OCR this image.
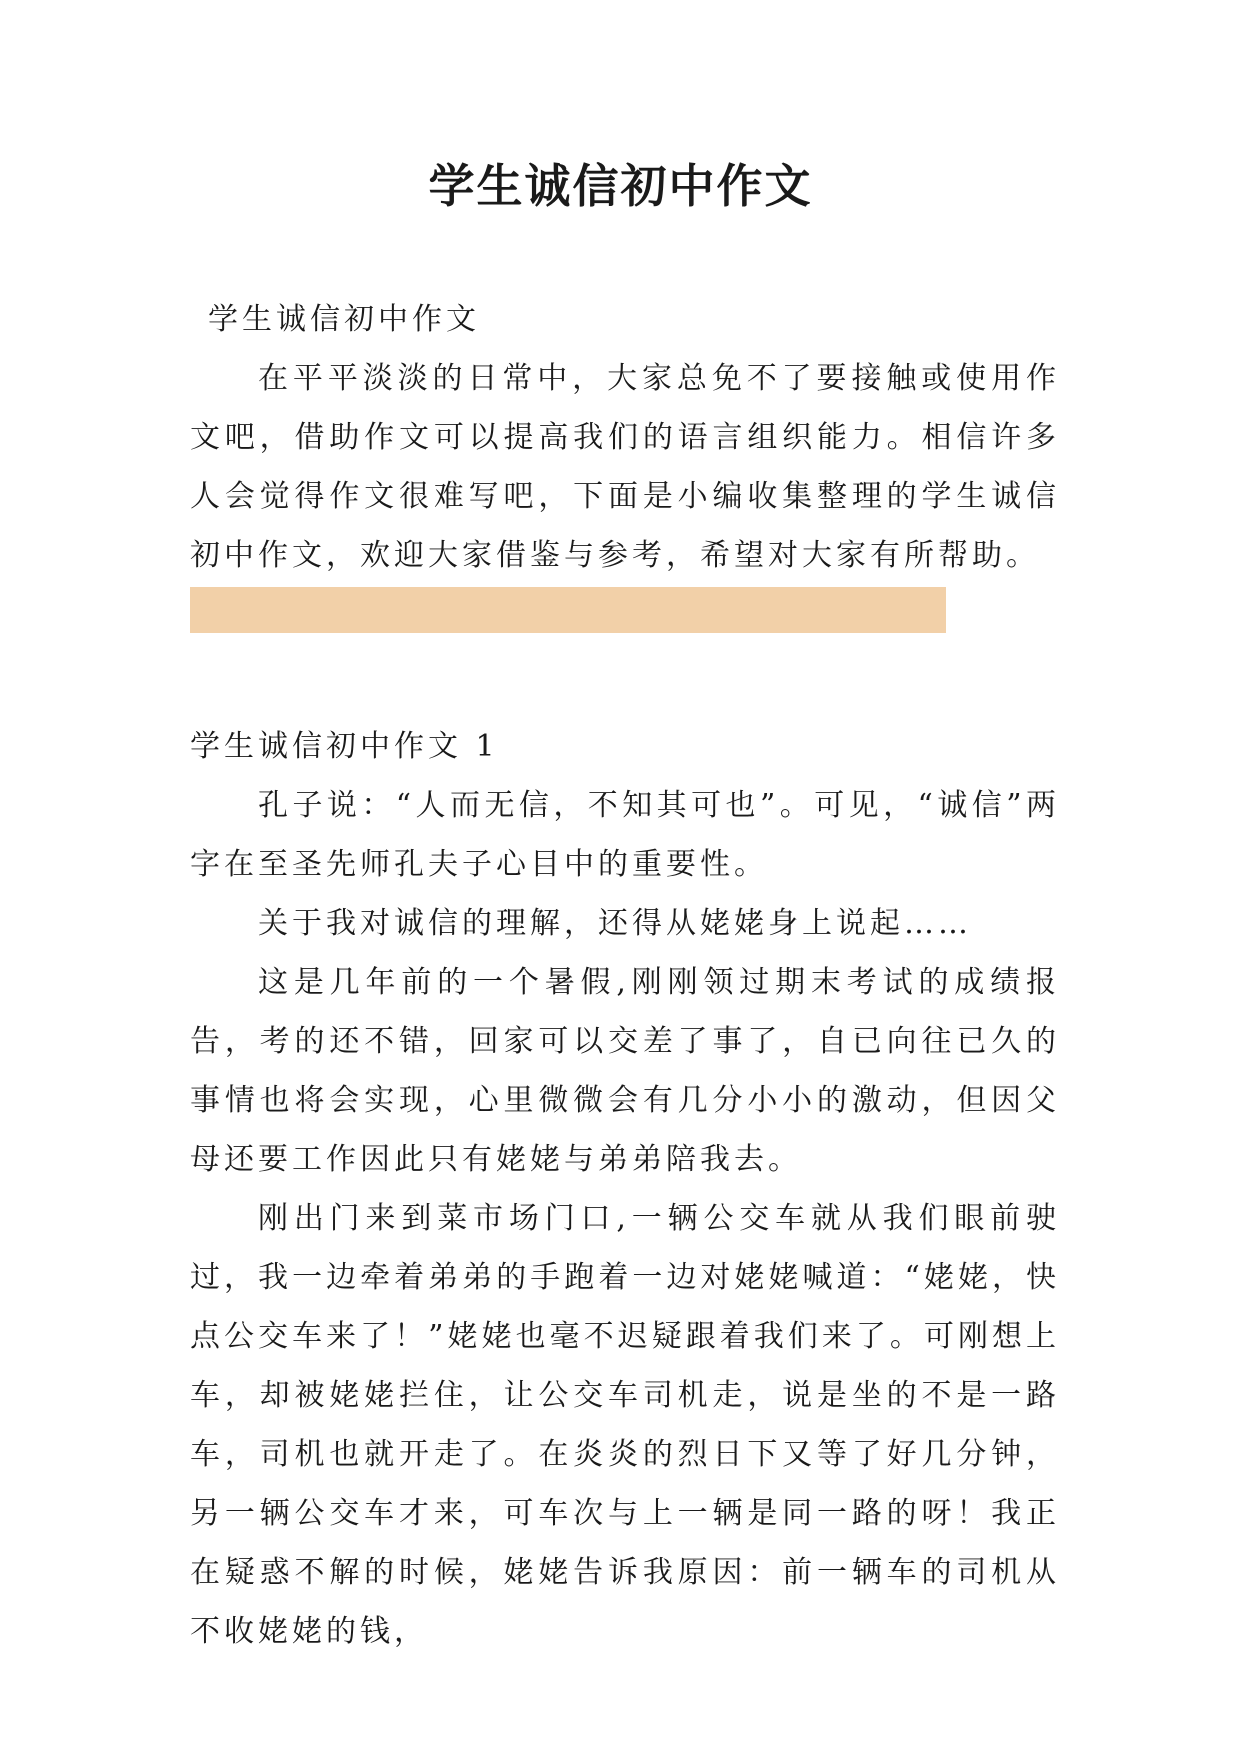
学生诚信初中作文

学生诚信初中作文

在平平淡淡的日常中，大家总免不了要接触或使用作文吧，借助作文可以提高我们的语言组织能力。相信许多人会觉得作文很难写吧，下面是小编收集整理的学生诚信初中作文，欢迎大家借鉴与参考，希望对大家有所帮助。

学生诚信初中作文 1

孔子说：“人而无信，不知其可也”。可见，“诚信”两字在至圣先师孔夫子心目中的重要性。

关于我对诚信的理解，还得从姥姥身上说起……

这是几年前的一个暑假,刚刚领过期末考试的成绩报告，考的还不错，回家可以交差了事了，自已向往已久的事情也将会实现，心里微微会有几分小小的激动，但因父母还要工作因此只有姥姥与弟弟陪我去。

刚出门来到菜市场门口,一辆公交车就从我们眼前驶过，我一边牵着弟弟的手跑着一边对姥姥喊道：“姥姥，快点公交车来了！”姥姥也毫不迟疑跟着我们来了。可刚想上车，却被姥姥拦住，让公交车司机走，说是坐的不是一路车，司机也就开走了。在炎炎的烈日下又等了好几分钟，另一辆公交车才来，可车次与上一辆是同一路的呀！我正在疑惑不解的时候，姥姥告诉我原因：前一辆车的司机从不收姥姥的钱，
